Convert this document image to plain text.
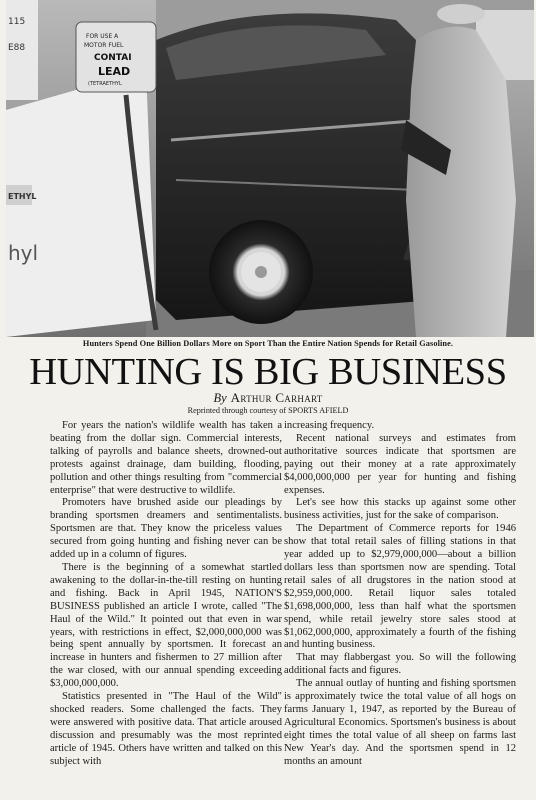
115
E88
FOR USE A
MOTOR FUEL
CONTAI
LEAD
(TETRAETHYL
ETHYL
hyl
Hunters Spend One Billion Dollars More on Sport Than the Entire Nation Spends for Retail Gasoline.
HUNTING IS BIG BUSINESS
By Arthur Carhart
Reprinted through courtesy of SPORTS AFIELD

For years the nation's wildlife wealth has taken a beating from the dollar sign. Commercial interests, talking of payrolls and balance sheets, drowned-out protests against drainage, dam building, flooding, pollution and other things resulting from "commercial enterprise" that were destructive to wildlife.

Promoters have brushed aside our pleadings by branding sportsmen dreamers and sentimentalists. Sportsmen are that. They know the priceless values secured from going hunting and fishing never can be added up in a column of figures.

There is the beginning of a somewhat startled awakening to the dollar-in-the-till resting on hunting and fishing. Back in April 1945, NATION'S BUSINESS published an article I wrote, called "The Haul of the Wild." It pointed out that even in war years, with restrictions in effect, $2,000,000,000 was being spent annually by sportsmen. It forecast an increase in hunters and fishermen to 27 million after the war closed, with our annual spending exceeding $3,000,000,000.

Statistics presented in "The Haul of the Wild" shocked readers. Some challenged the facts. They were answered with positive data. That article aroused discussion and presumably was the most reprinted article of 1945. Others have written and talked on this subject with

increasing frequency.

Recent national surveys and estimates from authoritative sources indicate that sportsmen are paying out their money at a rate approximately $4,000,000,000 per year for hunting and fishing expenses.

Let's see how this stacks up against some other business activities, just for the sake of comparison.

The Department of Commerce reports for 1946 show that total retail sales of filling stations in that year added up to $2,979,000,000—about a billion dollars less than sportsmen now are spending. Total retail sales of all drugstores in the nation stood at $2,959,000,000. Retail liquor sales totaled $1,698,000,000, less than half what the sportsmen spend, while retail jewelry store sales stood at $1,062,000,000, approximately a fourth of the fishing and hunting business.

That may flabbergast you. So will the following additional facts and figures.

The annual outlay of hunting and fishing sportsmen is approximately twice the total value of all hogs on farms January 1, 1947, as reported by the Bureau of Agricultural Economics. Sportsmen's business is about eight times the total value of all sheep on farms last New Year's day. And the sportsmen spend in 12 months an amount
